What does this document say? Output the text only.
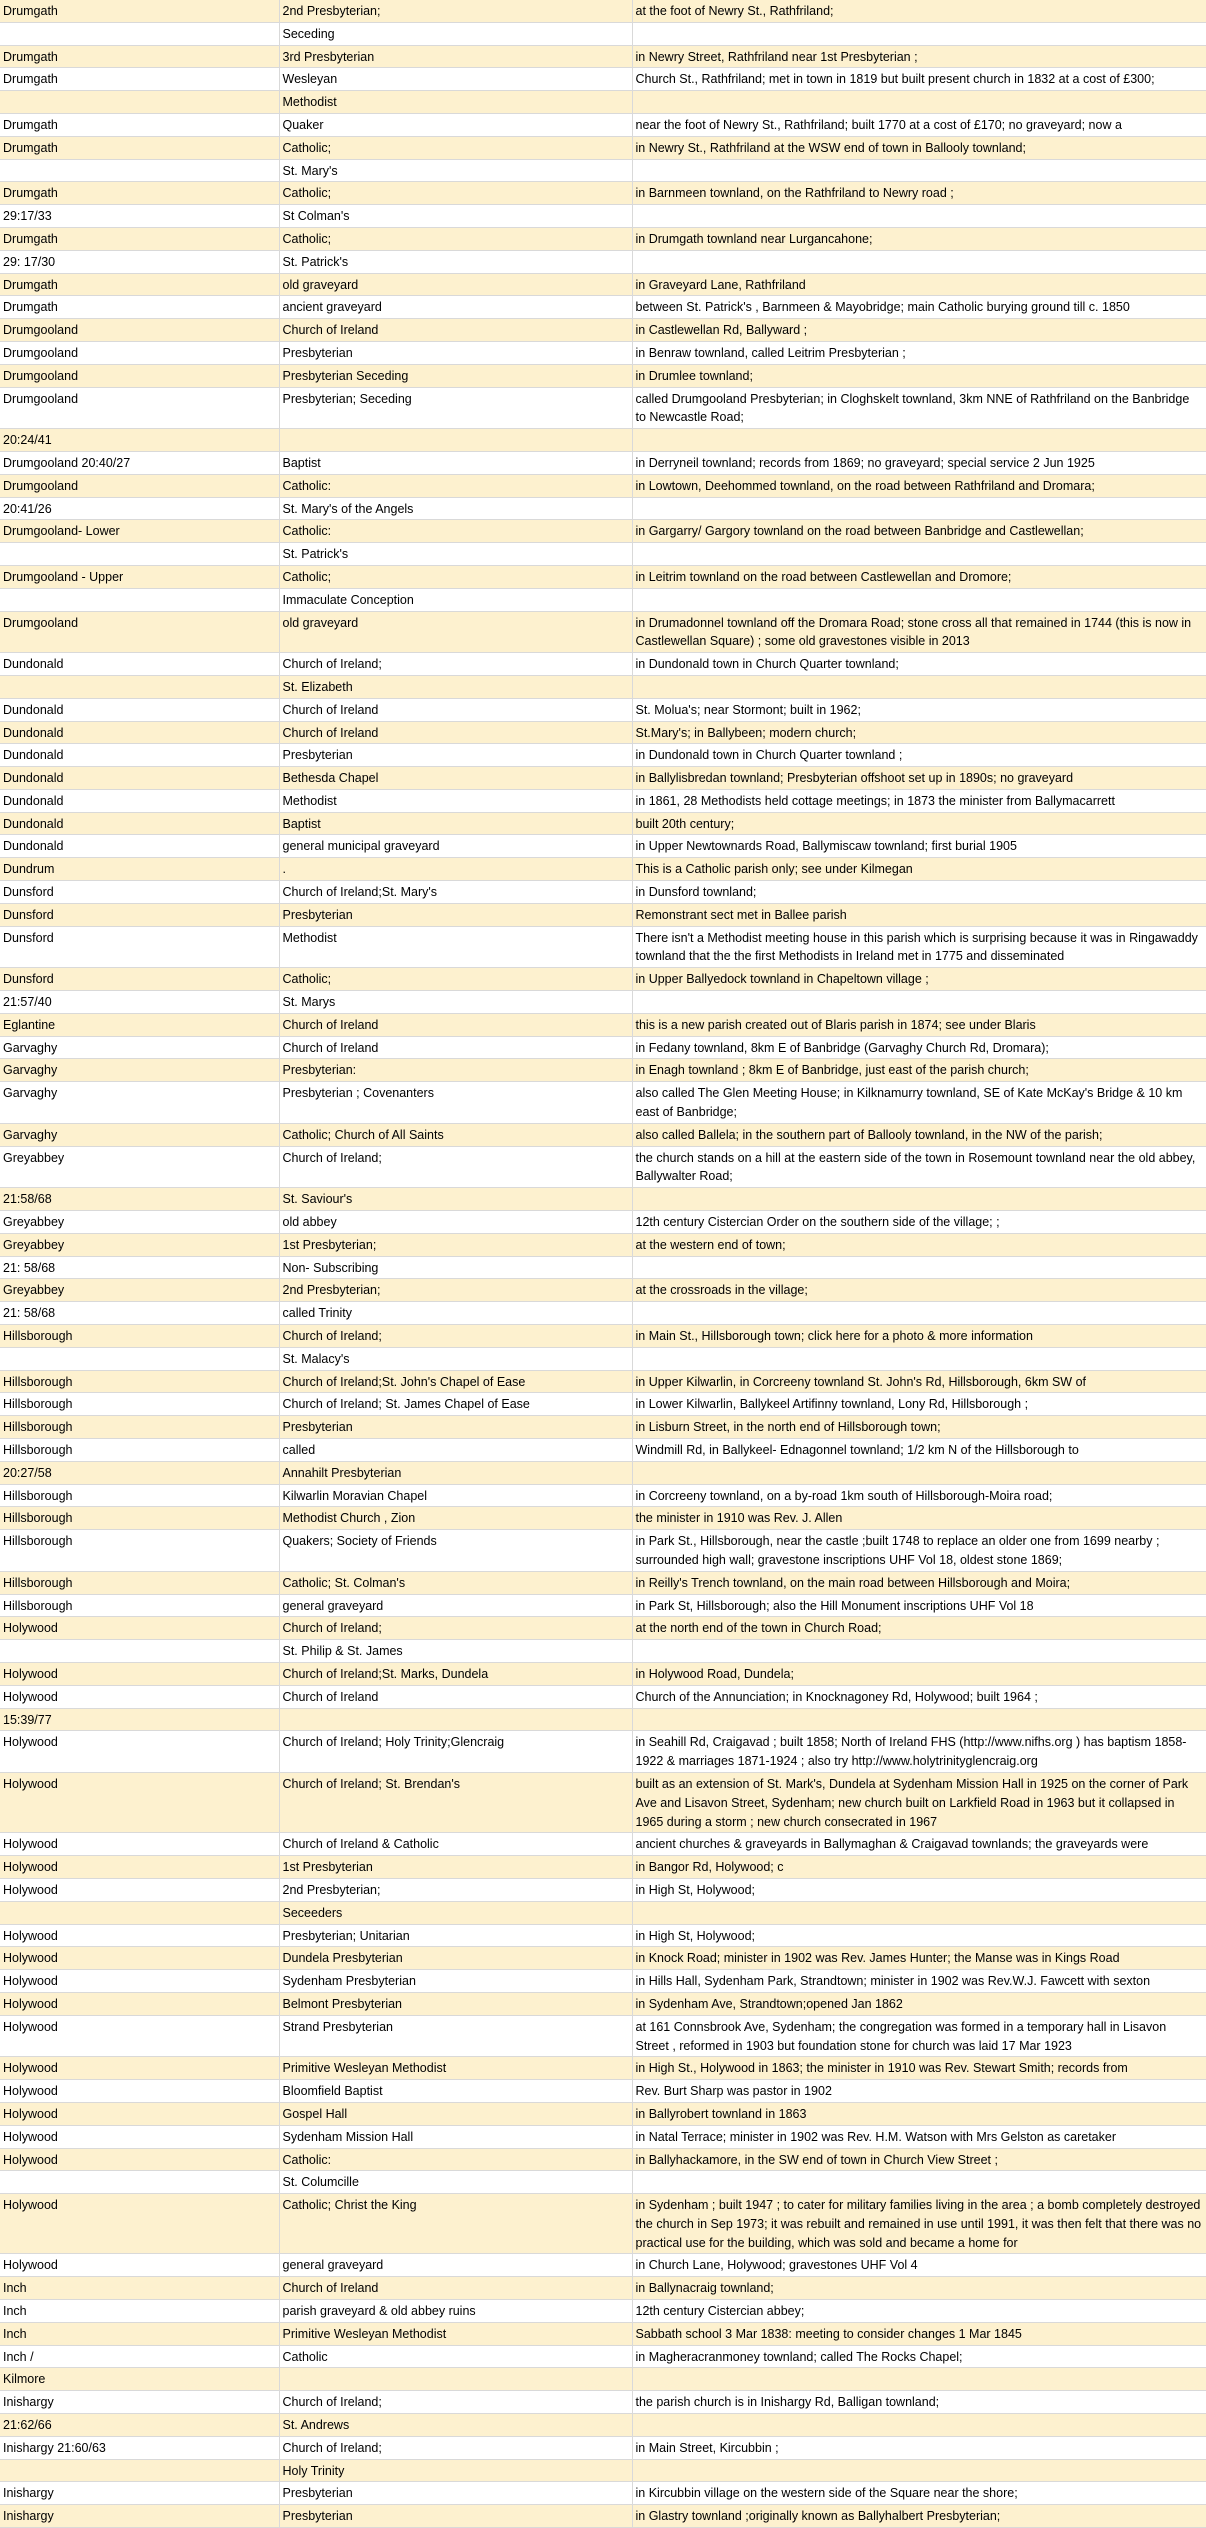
Drumgath	2nd Presbyterian;	at the foot of Newry St., Rathfriland;
	Seceding	
Drumgath	3rd Presbyterian	in Newry Street, Rathfriland near 1st Presbyterian ;
Drumgath	Wesleyan	Church St., Rathfriland; met in town in 1819 but built present church in 1832 at a cost of £300;
	Methodist	
Drumgath	Quaker	near the foot of Newry St., Rathfriland; built 1770 at a cost of £170; no graveyard; now a
Drumgath	Catholic;	in Newry St., Rathfriland at the WSW end of town in Ballooly townland;
	St. Mary's	
Drumgath	Catholic;	in Barnmeen townland, on the Rathfriland to Newry road ;
29:17/33	St Colman's	
Drumgath	Catholic;	in Drumgath townland near Lurgancahone;
29: 17/30	St. Patrick's	
Drumgath	old graveyard	in Graveyard Lane, Rathfriland
Drumgath	ancient graveyard	between St. Patrick's , Barnmeen & Mayobridge; main Catholic burying ground till c. 1850
Drumgooland	Church of Ireland	in Castlewellan Rd, Ballyward ;
Drumgooland	Presbyterian	in Benraw townland, called Leitrim Presbyterian ;
Drumgooland	Presbyterian Seceding	in Drumlee townland;
Drumgooland	Presbyterian; Seceding	called Drumgooland Presbyterian; in Cloghskelt townland, 3km NNE of Rathfriland on the Banbridge to Newcastle Road;
20:24/41		
Drumgooland 20:40/27	Baptist	in Derryneil townland; records from 1869; no graveyard; special service 2 Jun 1925
Drumgooland	Catholic:	in Lowtown, Deehommed townland, on the road between Rathfriland and Dromara;
20:41/26	St. Mary's of the Angels	
Drumgooland- Lower	Catholic:	in Gargarry/ Gargory townland on the road between Banbridge and Castlewellan;
	St. Patrick's	
Drumgooland - Upper	Catholic;	in Leitrim townland on the road between Castlewellan and Dromore;
	Immaculate Conception	
Drumgooland	old graveyard	in Drumadonnel townland off the Dromara Road; stone cross all that remained in 1744 (this is now in Castlewellan Square) ; some old gravestones visible in 2013
Dundonald	Church of Ireland;	in Dundonald town in Church Quarter townland;
	St. Elizabeth	
Dundonald	Church of Ireland	St. Molua's; near Stormont; built in 1962;
Dundonald	Church of Ireland	St.Mary's; in Ballybeen; modern church;
Dundonald	Presbyterian	in Dundonald town in Church Quarter townland ;
Dundonald	Bethesda Chapel	in Ballylisbredan townland; Presbyterian offshoot set up in 1890s; no graveyard
Dundonald	Methodist	in 1861, 28 Methodists held cottage meetings; in 1873 the minister from Ballymacarrett
Dundonald	Baptist	built 20th century;
Dundonald	general municipal graveyard	in Upper Newtownards Road, Ballymiscaw townland; first burial 1905
Dundrum	.	This is a Catholic parish only; see under Kilmegan
Dunsford	Church of Ireland;St. Mary's	in Dunsford townland;
Dunsford	Presbyterian	Remonstrant sect met in Ballee parish
Dunsford	Methodist	There isn't a Methodist meeting house in this parish which is surprising because it was in Ringawaddy townland that the the first Methodists in Ireland met in 1775 and disseminated
Dunsford	Catholic;	in Upper Ballyedock townland in Chapeltown village ;
21:57/40	St. Marys	
Eglantine	Church of Ireland	this is a new parish created out of Blaris parish in 1874; see under Blaris
Garvaghy	Church of Ireland	in Fedany townland, 8km E of Banbridge (Garvaghy Church Rd, Dromara);
Garvaghy	Presbyterian:	in Enagh townland ; 8km E of Banbridge, just east of the parish church;
Garvaghy	Presbyterian ; Covenanters	also called The Glen Meeting House; in Kilknamurry townland, SE of Kate McKay's Bridge & 10 km east of Banbridge;
Garvaghy	Catholic; Church of All Saints	also called Ballela; in the southern part of Ballooly townland, in the NW of the parish;
Greyabbey	Church of Ireland;	the church stands on a hill at the eastern side of the town in Rosemount townland near the old abbey, Ballywalter Road;
21:58/68	St. Saviour's	
Greyabbey	old abbey	12th century Cistercian Order on the southern side of the village; ;
Greyabbey	1st Presbyterian;	at the western end of town;
21: 58/68	Non- Subscribing	
Greyabbey	2nd Presbyterian;	at the crossroads in the village;
21: 58/68	called Trinity	
Hillsborough	Church of Ireland;	in Main St., Hillsborough town; click here for a photo & more information
	St. Malacy's	
Hillsborough	Church of Ireland;St. John's Chapel of Ease	in Upper Kilwarlin, in Corcreeny townland St. John's Rd, Hillsborough, 6km SW of
Hillsborough	Church of Ireland; St. James Chapel of Ease	in Lower Kilwarlin, Ballykeel Artifinny townland, Lony Rd, Hillsborough ;
Hillsborough	Presbyterian	in Lisburn Street, in the north end of Hillsborough town;
Hillsborough	called	Windmill Rd, in Ballykeel- Ednagonnel townland; 1/2 km N of the Hillsborough to
20:27/58	Annahilt Presbyterian	
Hillsborough	Kilwarlin Moravian Chapel	in Corcreeny townland, on a by-road 1km south of Hillsborough-Moira road;
Hillsborough	Methodist Church , Zion	the minister in 1910 was Rev. J. Allen
Hillsborough	Quakers; Society of Friends	in Park St., Hillsborough, near the castle ;built 1748 to replace an older one from 1699 nearby ; surrounded high wall; gravestone inscriptions UHF Vol 18, oldest stone 1869;
Hillsborough	Catholic; St. Colman's	in Reilly's Trench townland, on the main road between Hillsborough and Moira;
Hillsborough	general graveyard	in Park St, Hillsborough; also the Hill Monument inscriptions UHF Vol 18
Holywood	Church of Ireland;	at the north end of the town in Church Road;
	St. Philip & St. James	
Holywood	Church of Ireland;St. Marks, Dundela	in Holywood Road, Dundela;
Holywood	Church of Ireland	Church of the Annunciation; in Knocknagoney Rd, Holywood; built 1964 ;
15:39/77		
Holywood	Church of Ireland; Holy Trinity;Glencraig	in Seahill Rd, Craigavad ; built 1858; North of Ireland FHS (http://www.nifhs.org ) has baptism 1858-1922 & marriages 1871-1924 ; also try http://www.holytrinityglencraig.org
Holywood	Church of Ireland; St. Brendan's	built as an extension of St. Mark's, Dundela at Sydenham Mission Hall in 1925 on the corner of Park Ave and Lisavon Street, Sydenham; new church built on Larkfield Road in 1963 but it collapsed in 1965 during a storm ; new church consecrated in 1967
Holywood	Church of Ireland & Catholic	ancient churches & graveyards in Ballymaghan & Craigavad townlands; the graveyards were
Holywood	1st Presbyterian	in Bangor Rd, Holywood; c
Holywood	2nd Presbyterian;	in High St, Holywood;
	Seceeders	
Holywood	Presbyterian; Unitarian	in High St, Holywood;
Holywood	Dundela Presbyterian	in Knock Road; minister in 1902 was Rev. James Hunter; the Manse was in Kings Road
Holywood	Sydenham Presbyterian	in Hills Hall, Sydenham Park, Strandtown; minister in 1902 was Rev.W.J. Fawcett with sexton
Holywood	Belmont Presbyterian	in Sydenham Ave, Strandtown;opened Jan 1862
Holywood	Strand Presbyterian	at 161 Connsbrook Ave, Sydenham; the congregation was formed in a temporary hall in Lisavon Street , reformed in 1903 but foundation stone for church was laid 17 Mar 1923
Holywood	Primitive Wesleyan Methodist	in High St., Holywood in 1863; the minister in 1910 was Rev. Stewart Smith; records from
Holywood	Bloomfield Baptist	Rev. Burt Sharp was pastor in 1902
Holywood	Gospel Hall	in Ballyrobert townland in 1863
Holywood	Sydenham Mission Hall	in Natal Terrace; minister in 1902 was Rev. H.M. Watson with Mrs Gelston as caretaker
Holywood	Catholic:	in Ballyhackamore, in the SW end of town in Church View Street ;
	St. Columcille	
Holywood	Catholic; Christ the King	in Sydenham ; built 1947 ; to cater for military families living in the area ; a bomb completely destroyed the church in Sep 1973; it was rebuilt and remained in use until 1991, it was then felt that there was no practical use for the building, which was sold and became a home for
Holywood	general graveyard	in Church Lane, Holywood; gravestones UHF Vol 4
Inch	Church of Ireland	in Ballynacraig townland;
Inch	parish graveyard & old abbey ruins	12th century Cistercian abbey;
Inch	Primitive Wesleyan Methodist	Sabbath school 3 Mar 1838: meeting to consider changes 1 Mar 1845
Inch /	Catholic	in Magheracranmoney townland; called The Rocks Chapel;
Kilmore		
Inishargy	Church of Ireland;	the parish church is in Inishargy Rd, Balligan townland;
21:62/66	St. Andrews	
Inishargy 21:60/63	Church of Ireland;	in Main Street, Kircubbin ;
	Holy Trinity	
Inishargy	Presbyterian	in Kircubbin village on the western side of the Square near the shore;
Inishargy	Presbyterian	in Glastry townland ;originally known as Ballyhalbert Presbyterian;
